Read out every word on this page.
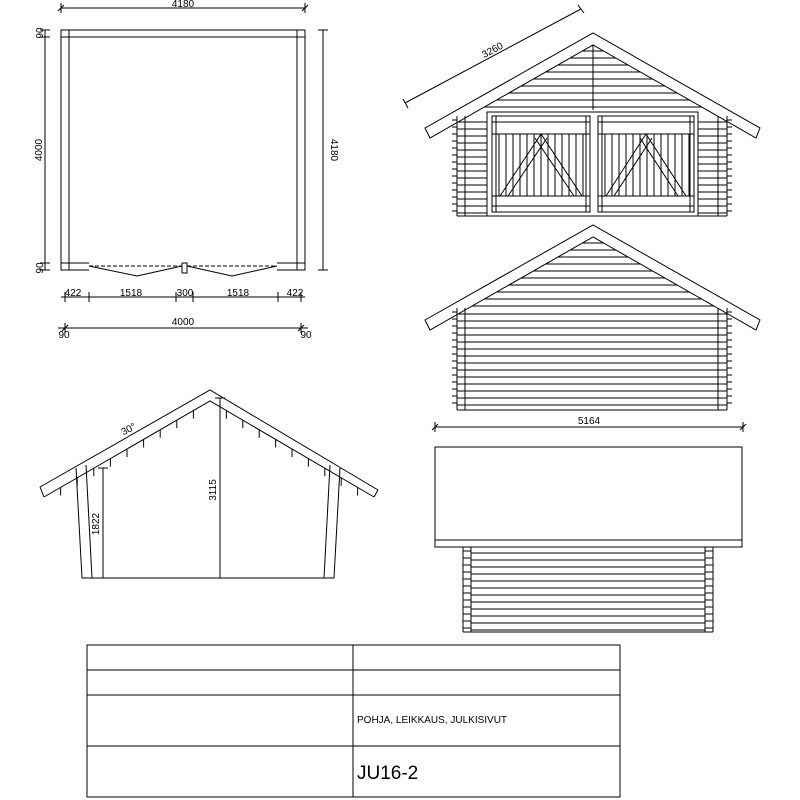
4180
90
4000
90
4180
422	1518	300	1518	422
4000
90	90
3260
30°
1822
3115
5164
POHJA, LEIKKAUS, JULKISIVUT
JU16-2
